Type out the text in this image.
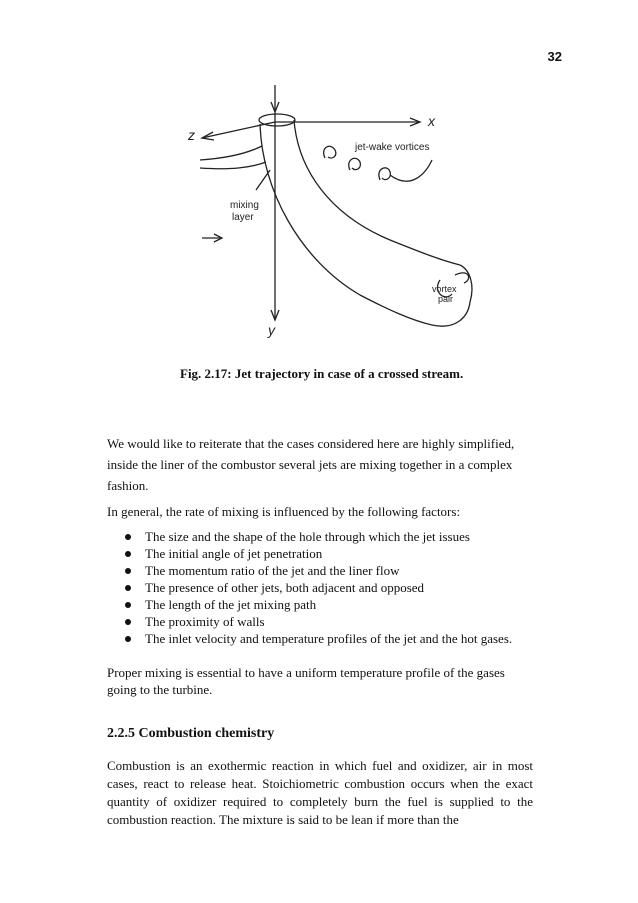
32
z
x
y
jet-wake vortices
mixing
layer
vortex
pair
Fig. 2.17: Jet trajectory in case of a crossed stream.
We would like to reiterate that the cases considered here are highly simplified, inside the liner of the combustor several jets are mixing together in a complex fashion.
In general, the rate of mixing is influenced by the following factors:
The size and the shape of the hole through which the jet issues
The initial angle of jet penetration
The momentum ratio of the jet and the liner flow
The presence of other jets, both adjacent and opposed
The length of the jet mixing path
The proximity of walls
The inlet velocity and temperature profiles of the jet and the hot gases.
Proper mixing is essential to have a uniform temperature profile of the gases going to the turbine.
2.2.5 Combustion chemistry
Combustion is an exothermic reaction in which fuel and oxidizer, air in most cases, react to release heat. Stoichiometric combustion occurs when the exact quantity of oxidizer required to completely burn the fuel is supplied to the combustion reaction. The mixture is said to be lean if more than the
